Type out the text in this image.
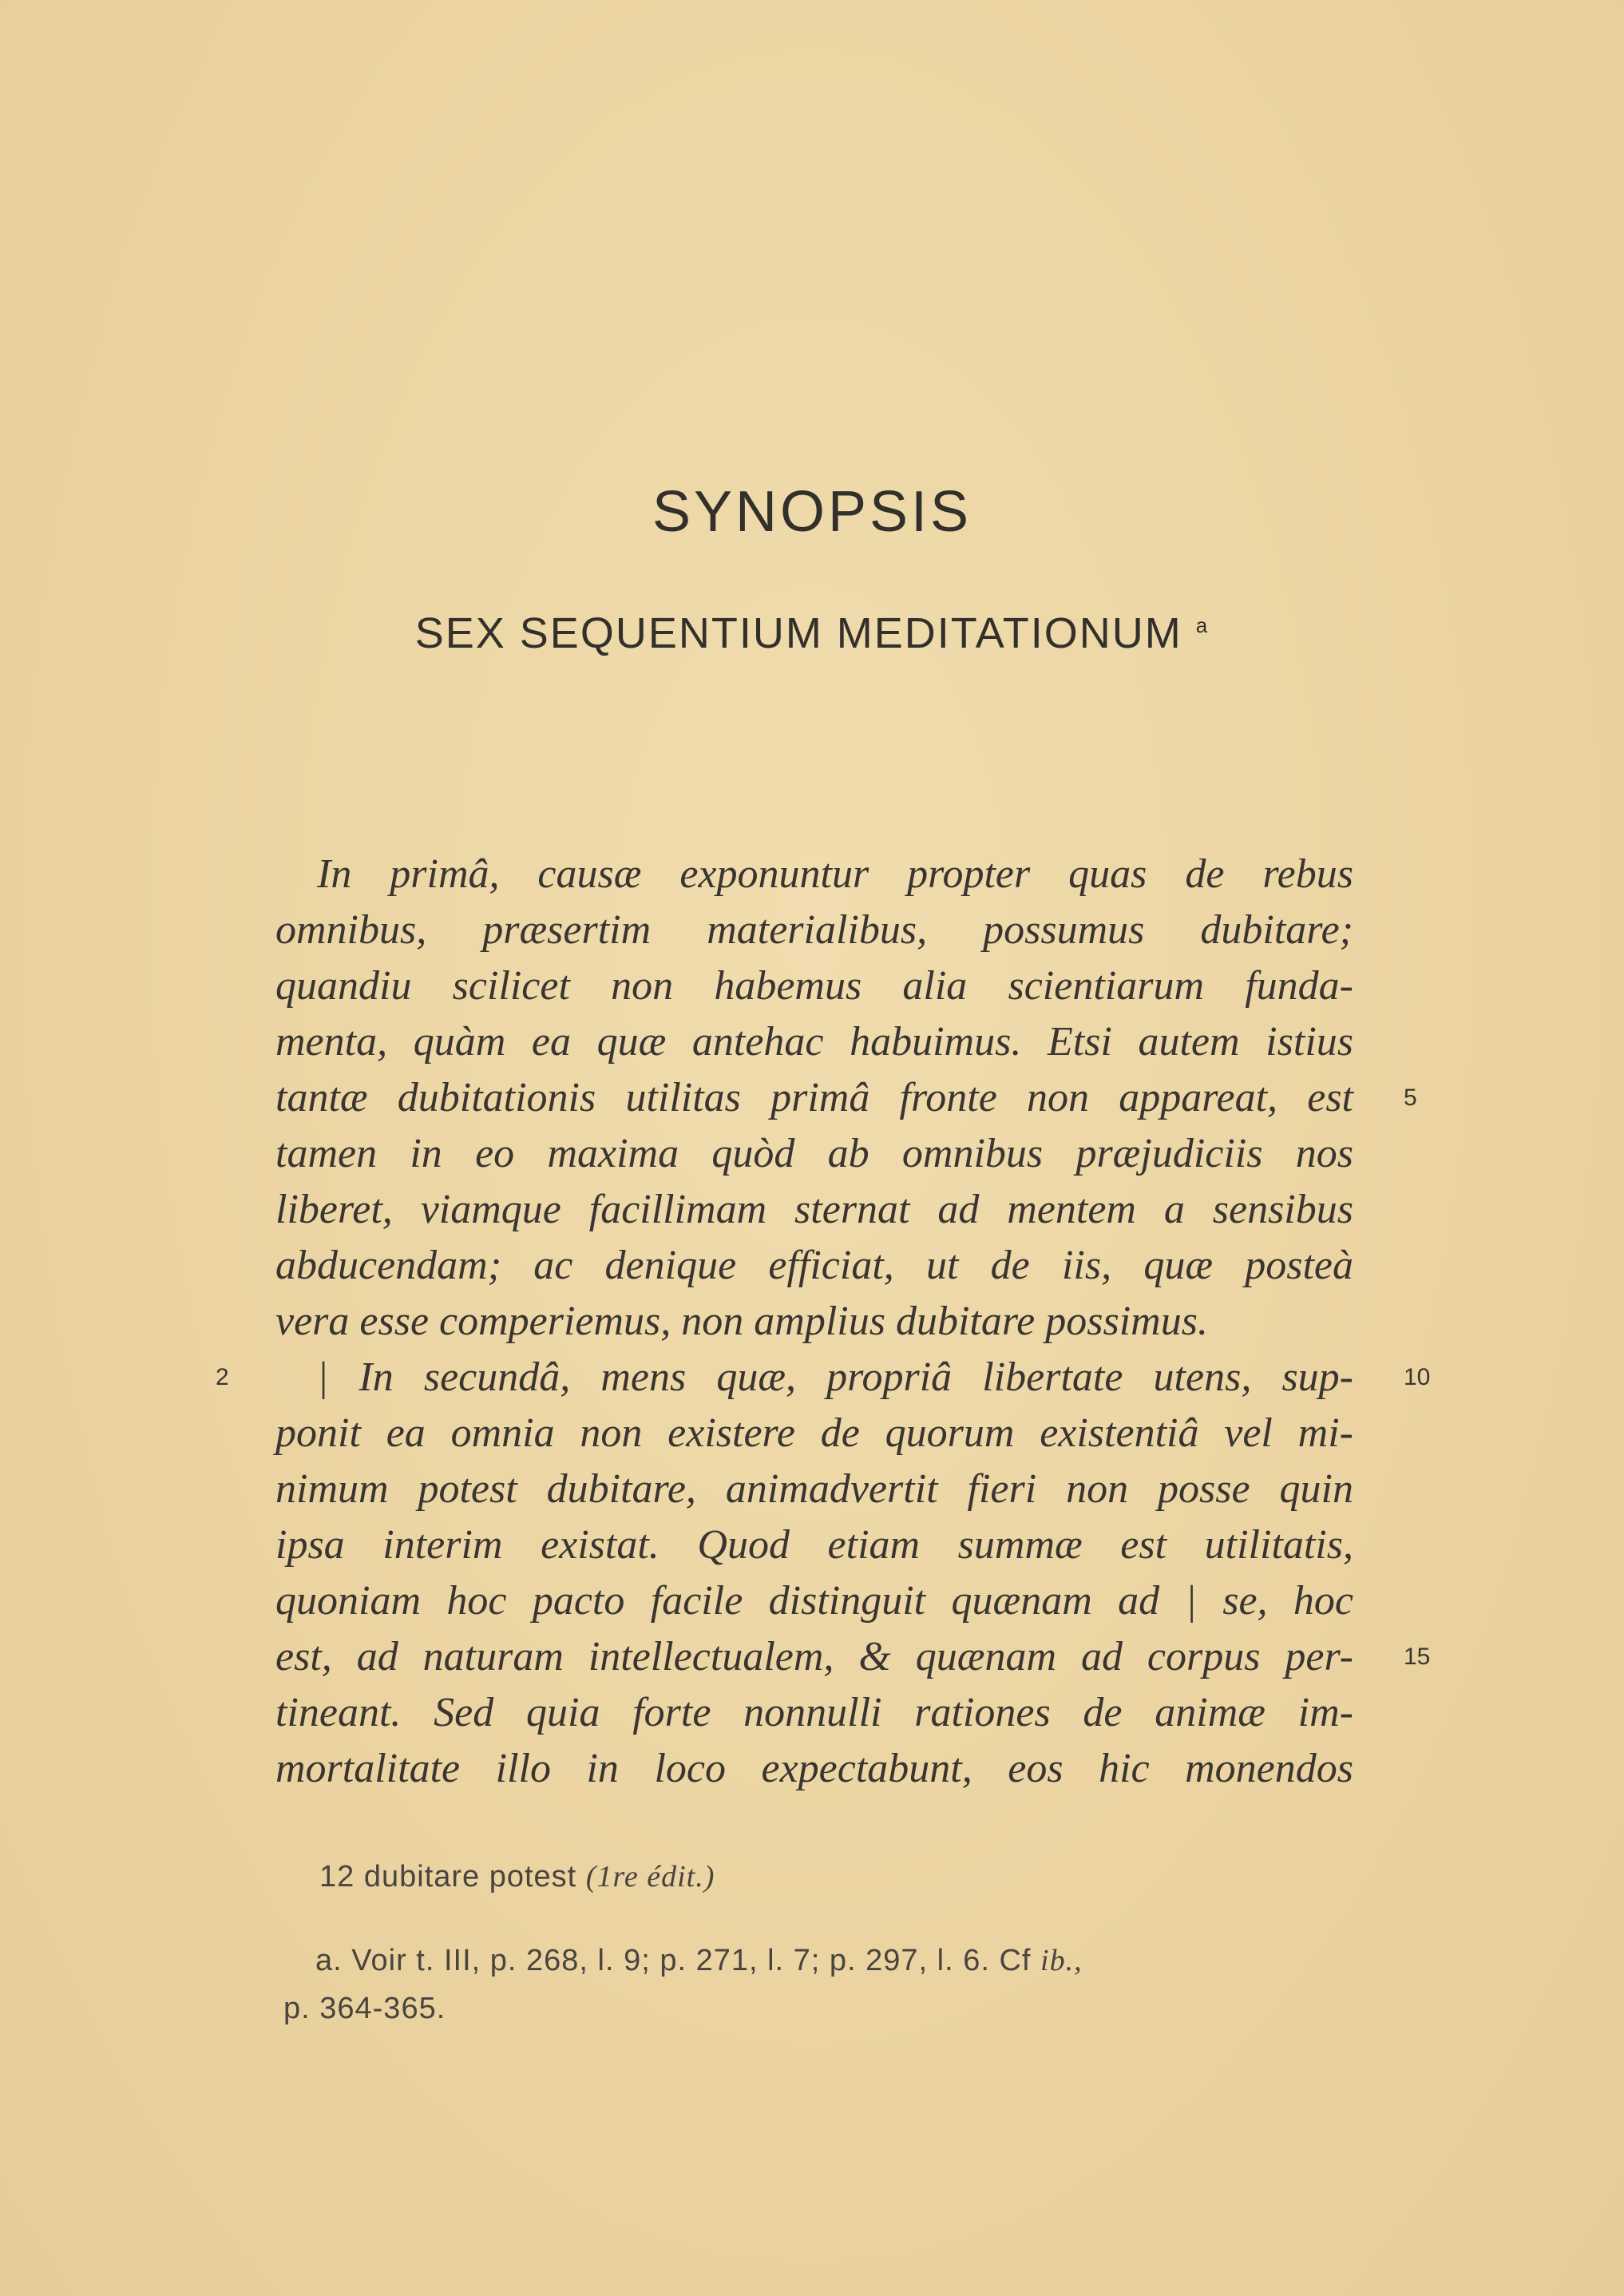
SYNOPSIS
SEX SEQUENTIUM MEDITATIONUM $^a$
In primâ, causæ exponuntur propter quas de rebus
omnibus, præsertim materialibus, possumus dubitare;
quandiu scilicet non habemus alia scientiarum funda-
menta, quàm ea quæ antehac habuimus. Etsi autem istius
tantæ dubitationis utilitas primâ fronte non appareat, est 5
tamen in eo maxima quòd ab omnibus præjudiciis nos
liberet, viamque facillimam sternat ad mentem a sensibus
abducendam; ac denique efficiat, ut de iis, quæ posteà
vera esse comperiemus, non amplius dubitare possimus.
2 | In secundâ, mens quæ, propriâ libertate utens, sup- 10
ponit ea omnia non existere de quorum existentiâ vel mi-
nimum potest dubitare, animadvertit fieri non posse quin
ipsa interim existat. Quod etiam summæ est utilitatis,
quoniam hoc pacto facile distinguit quænam ad | se, hoc
est, ad naturam intellectualem, & quænam ad corpus per- 15
tineant. Sed quia forte nonnulli rationes de animæ im-
mortalitate illo in loco expectabunt, eos hic monendos
12 dubitare potest (1re édit.)
a. Voir t. III, p. 268, l. 9; p. 271, l. 7; p. 297, l. 6. Cf ib.,
p. 364-365.
